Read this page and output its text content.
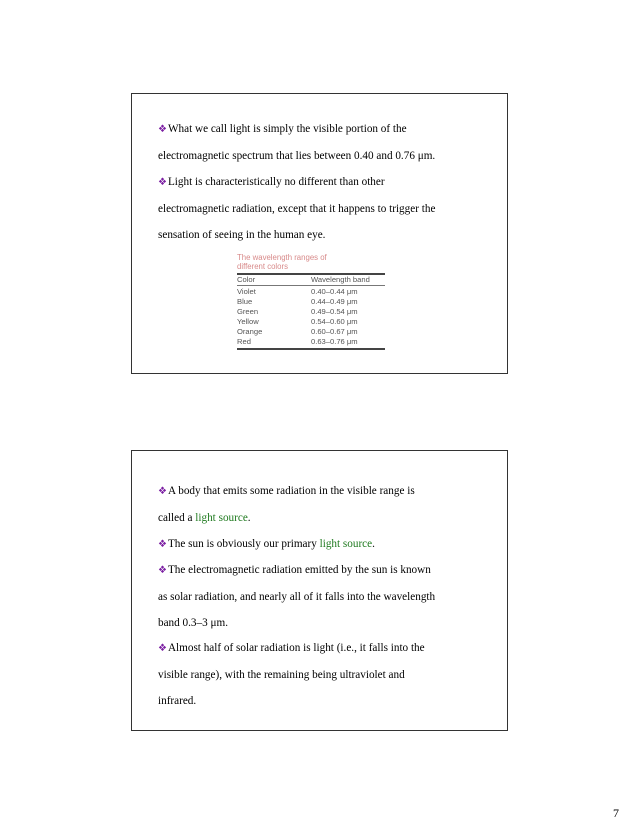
❖What we call light is simply the visible portion of the
electromagnetic spectrum that lies between 0.40 and 0.76 μm.
❖Light is characteristically no different than other
electromagnetic radiation, except that it happens to trigger the
sensation of seeing in the human eye.
The wavelength ranges of
different colors
Color	Wavelength band
Violet	0.40–0.44 μm
Blue	0.44–0.49 μm
Green	0.49–0.54 μm
Yellow	0.54–0.60 μm
Orange	0.60–0.67 μm
Red	0.63–0.76 μm
❖A body that emits some radiation in the visible range is
called a light source.
❖The sun is obviously our primary light source.
❖The electromagnetic radiation emitted by the sun is known
as solar radiation, and nearly all of it falls into the wavelength
band 0.3–3 μm.
❖Almost half of solar radiation is light (i.e., it falls into the
visible range), with the remaining being ultraviolet and
infrared.
7
